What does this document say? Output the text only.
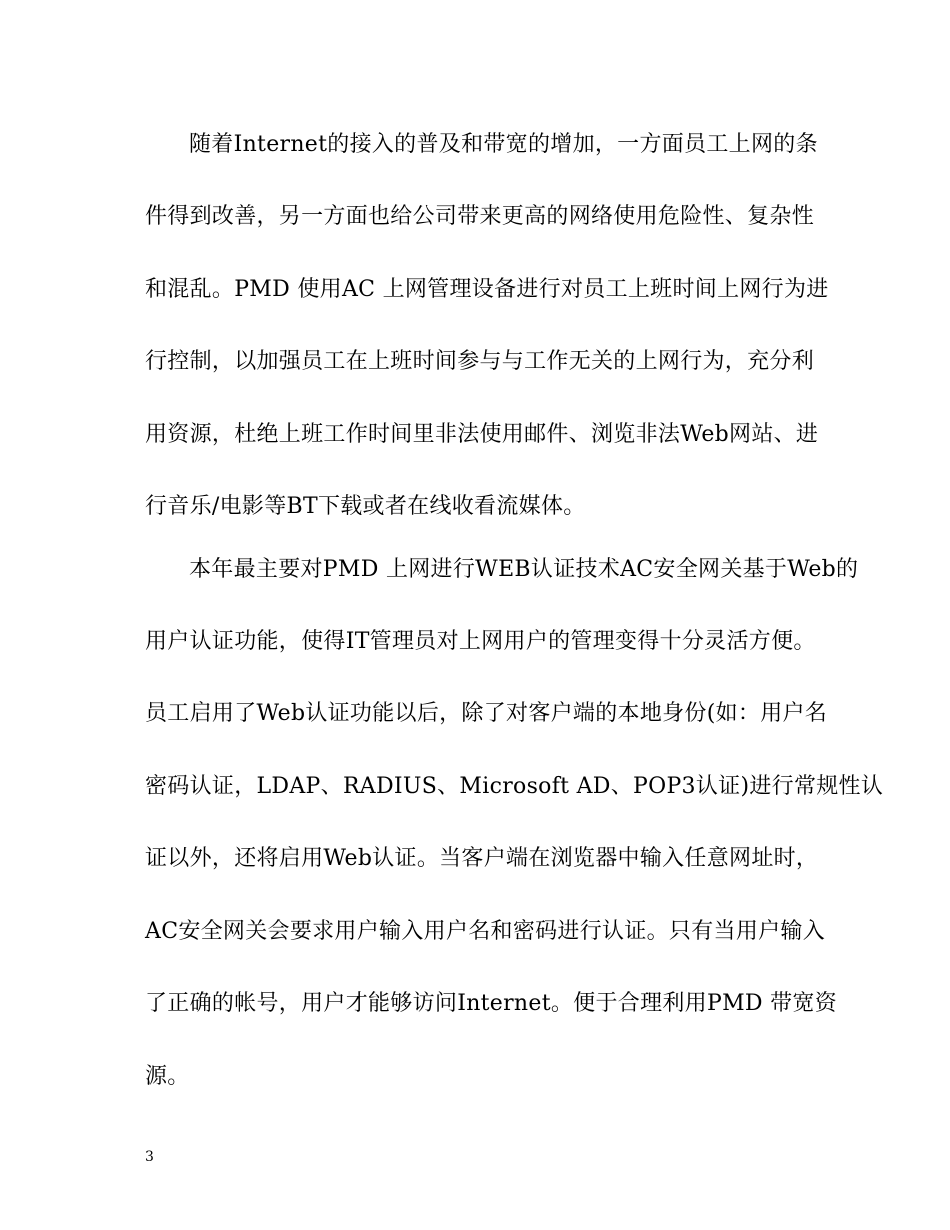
随着Internet的接入的普及和带宽的增加，一方面员工上网的条
件得到改善，另一方面也给公司带来更高的网络使用危险性、复杂性
和混乱。PMD 使用AC 上网管理设备进行对员工上班时间上网行为进
行控制，以加强员工在上班时间参与与工作无关的上网行为，充分利
用资源，杜绝上班工作时间里非法使用邮件、浏览非法Web网站、进
行音乐/电影等BT下载或者在线收看流媒体。
本年最主要对PMD 上网进行WEB认证技术AC安全网关基于Web的
用户认证功能，使得IT管理员对上网用户的管理变得十分灵活方便。
员工启用了Web认证功能以后，除了对客户端的本地身份(如：用户名
密码认证，LDAP、RADIUS、Microsoft AD、POP3认证)进行常规性认
证以外，还将启用Web认证。当客户端在浏览器中输入任意网址时，
AC安全网关会要求用户输入用户名和密码进行认证。只有当用户输入
了正确的帐号，用户才能够访问Internet。便于合理利用PMD 带宽资
源。
3
